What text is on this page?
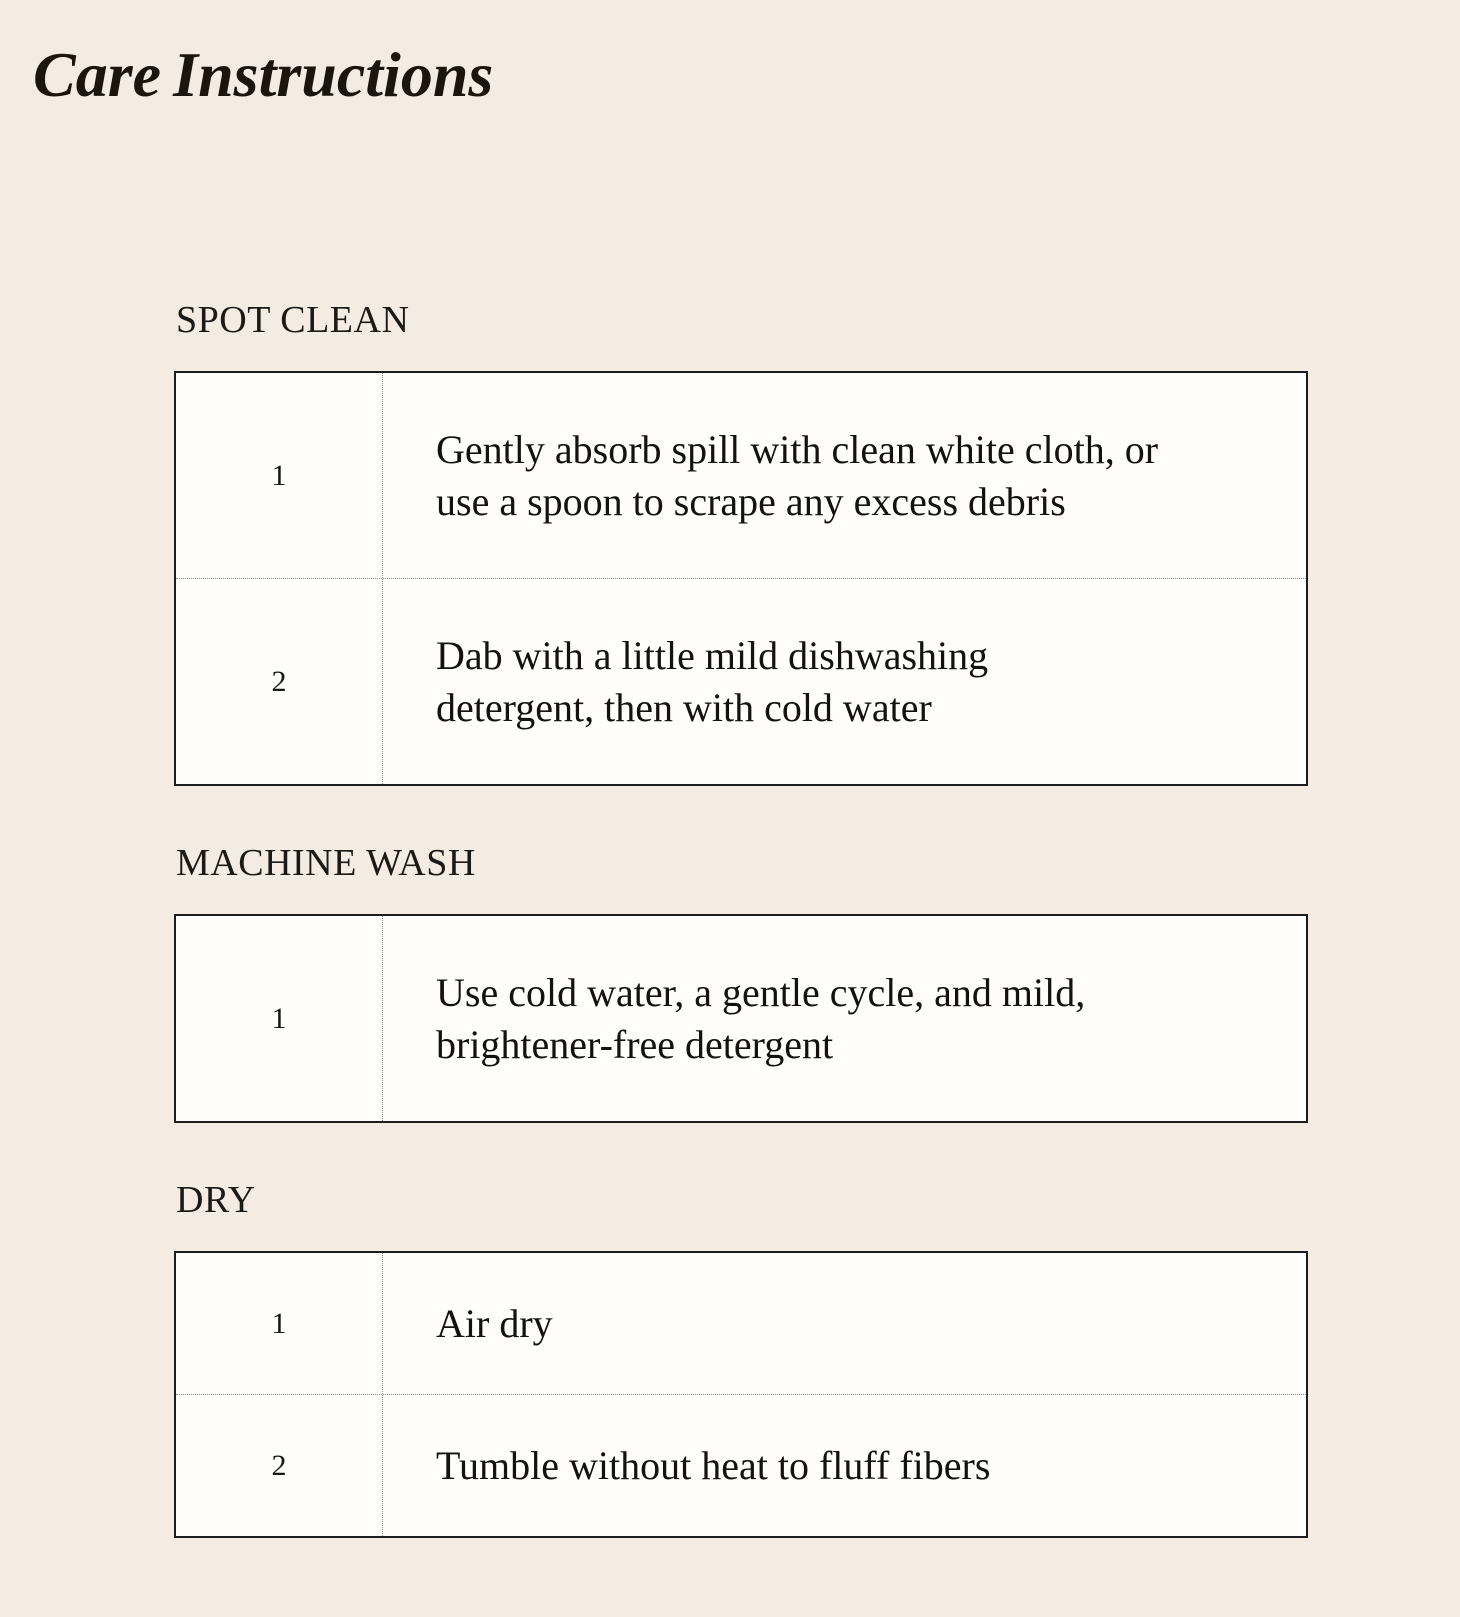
Care Instructions
SPOT CLEAN
1
Gently absorb spill with clean white cloth, or
use a spoon to scrape any excess debris
2
Dab with a little mild dishwashing
detergent, then with cold water
MACHINE WASH
1
Use cold water, a gentle cycle, and mild,
brightener-free detergent
DRY
1	Air dry
2	Tumble without heat to fluff fibers
